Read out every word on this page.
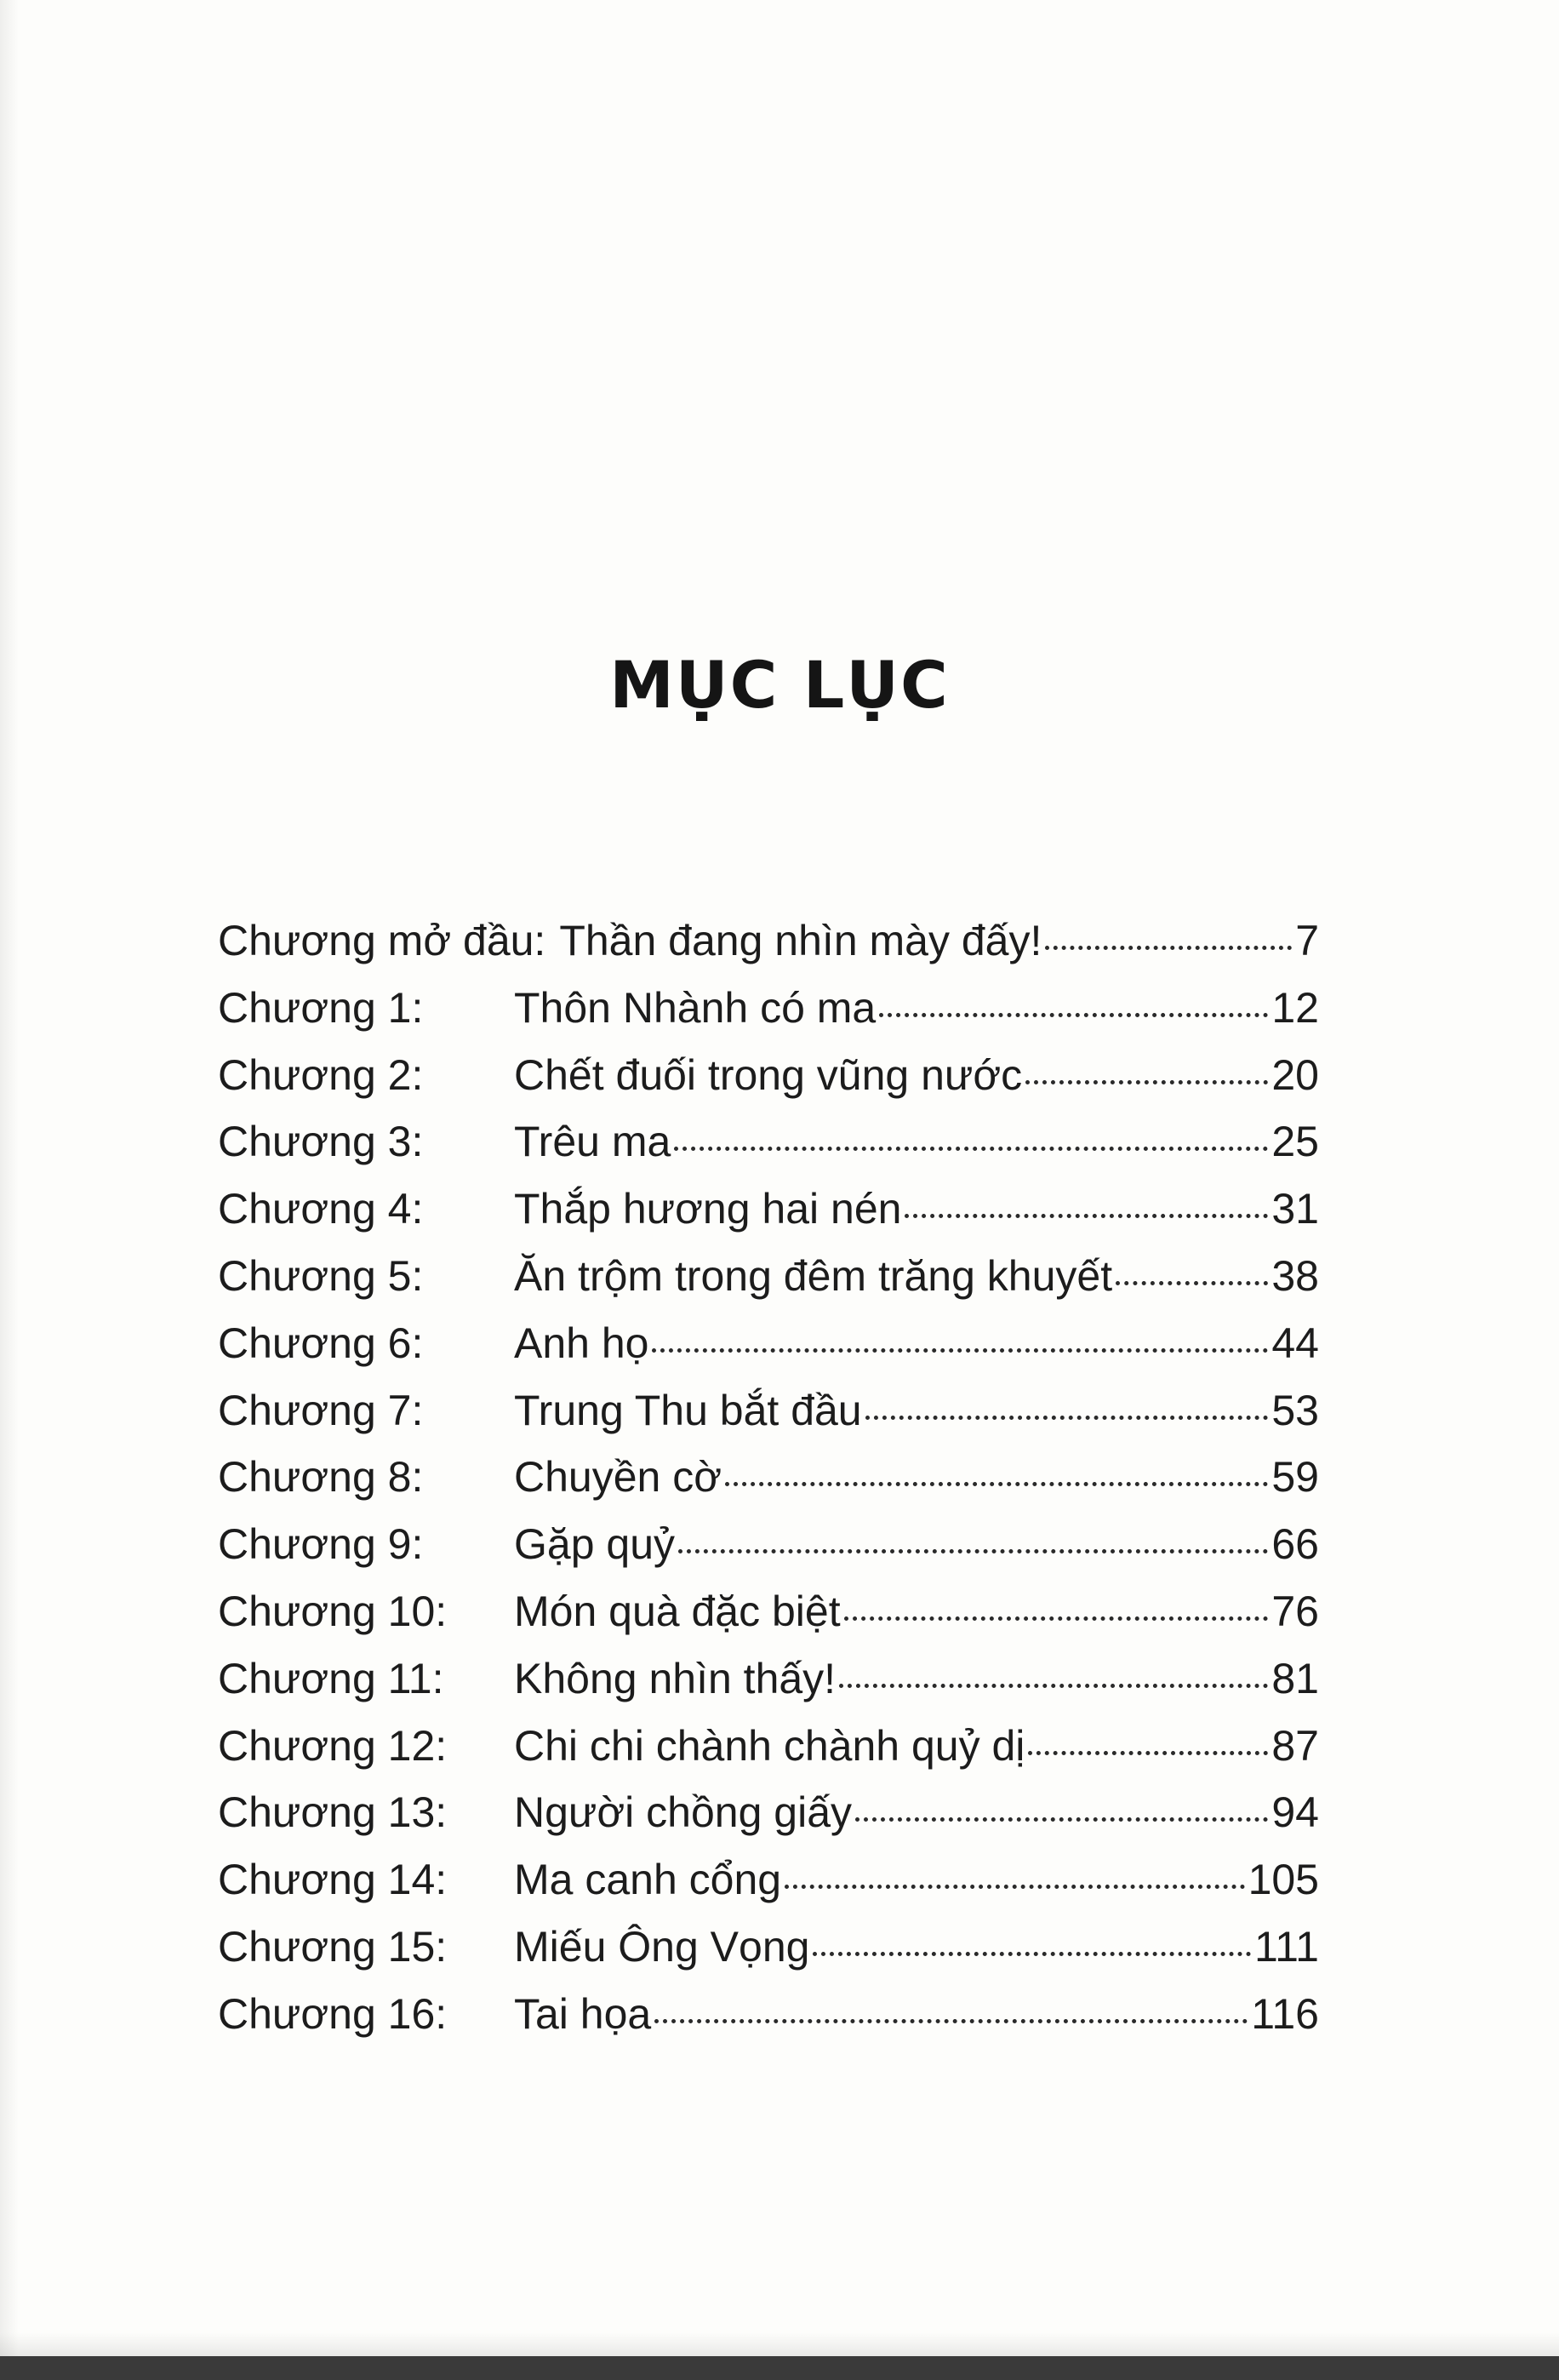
MỤC LỤC
Chương mở đầu: Thần đang nhìn mày đấy!	7
Chương 1:	Thôn Nhành có ma	12
Chương 2:	Chết đuối trong vũng nước	20
Chương 3:	Trêu ma	25
Chương 4:	Thắp hương hai nén	31
Chương 5:	Ăn trộm trong đêm trăng khuyết	38
Chương 6:	Anh họ	44
Chương 7:	Trung Thu bắt đầu	53
Chương 8:	Chuyền cờ	59
Chương 9:	Gặp quỷ	66
Chương 10:	Món quà đặc biệt	76
Chương 11:	Không nhìn thấy!	81
Chương 12:	Chi chi chành chành quỷ dị	87
Chương 13:	Người chồng giấy	94
Chương 14:	Ma canh cổng	105
Chương 15:	Miếu Ông Vọng	111
Chương 16:	Tai họa	116
